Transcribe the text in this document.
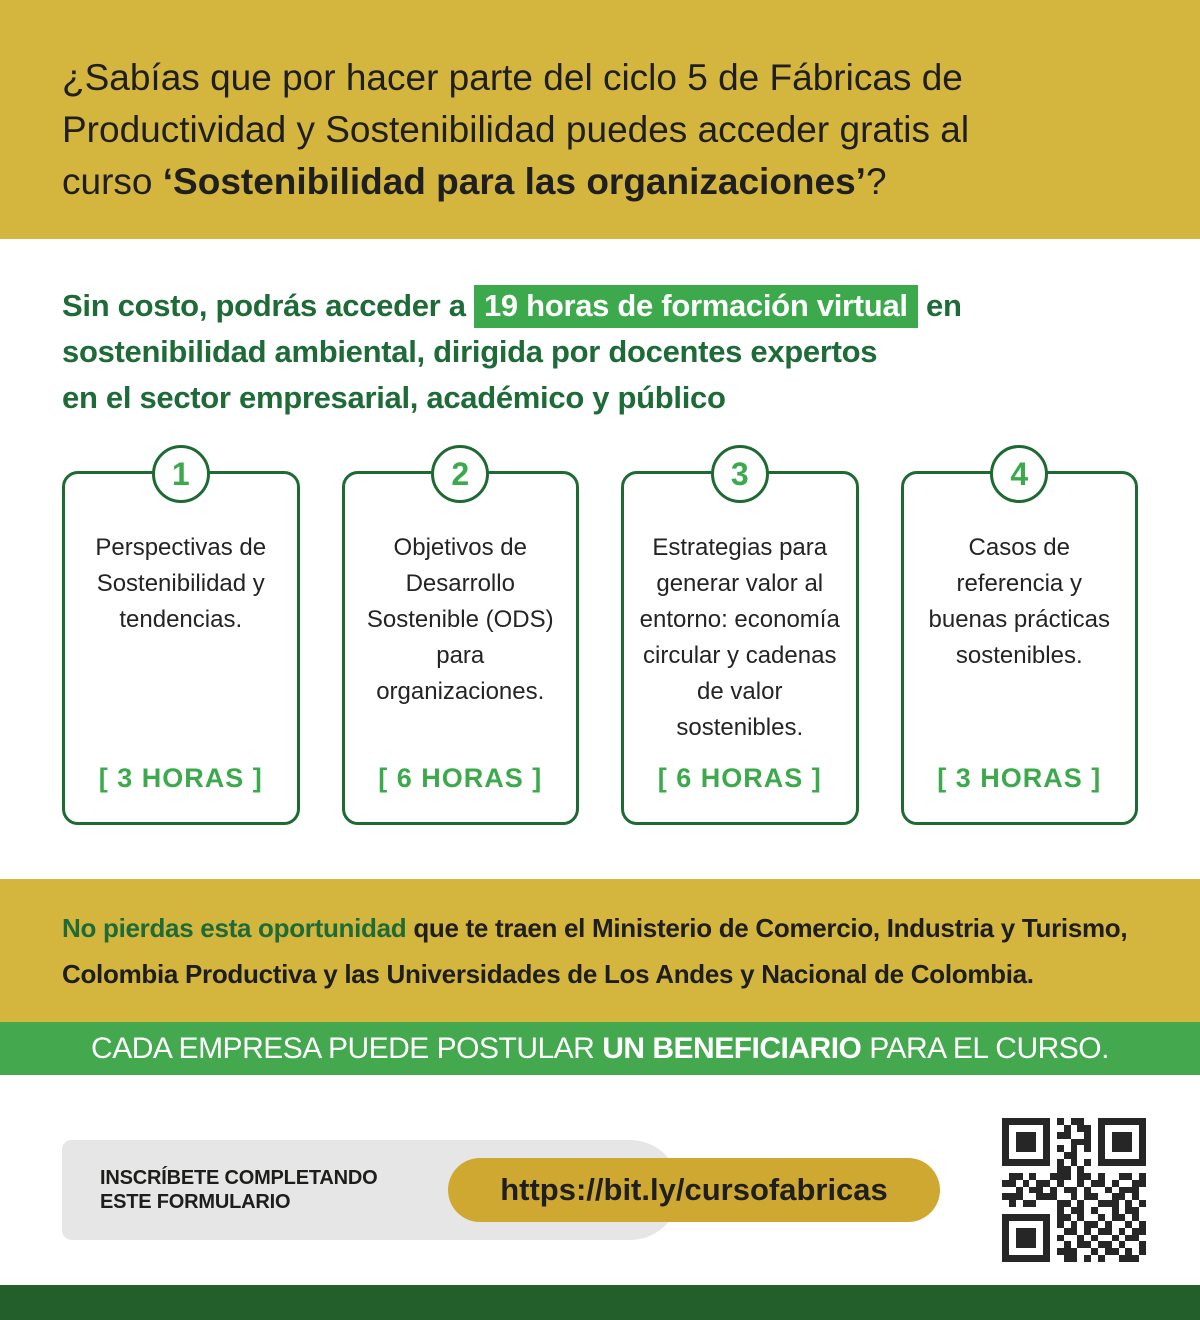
¿Sabías que por hacer parte del ciclo 5 de Fábricas de
Productividad y Sostenibilidad puedes acceder gratis al
curso ‘Sostenibilidad para las organizaciones’?
Sin costo, podrás acceder a 19 horas de formación virtual en
sostenibilidad ambiental, dirigida por docentes expertos
en el sector empresarial, académico y público
1
Perspectivas de Sostenibilidad y tendencias.
[ 3 HORAS ]
2
Objetivos de Desarrollo Sostenible (ODS) para organizaciones.
[ 6 HORAS ]
3
Estrategias para generar valor al entorno: economía circular y cadenas de valor sostenibles.
[ 6 HORAS ]
4
Casos de referencia y buenas prácticas sostenibles.
[ 3 HORAS ]
No pierdas esta oportunidad que te traen el Ministerio de Comercio, Industria y Turismo,
Colombia Productiva y las Universidades de Los Andes y Nacional de Colombia.
CADA EMPRESA PUEDE POSTULAR UN BENEFICIARIO PARA EL CURSO.
INSCRÍBETE COMPLETANDO
ESTE FORMULARIO	https://bit.ly/cursofabricas
